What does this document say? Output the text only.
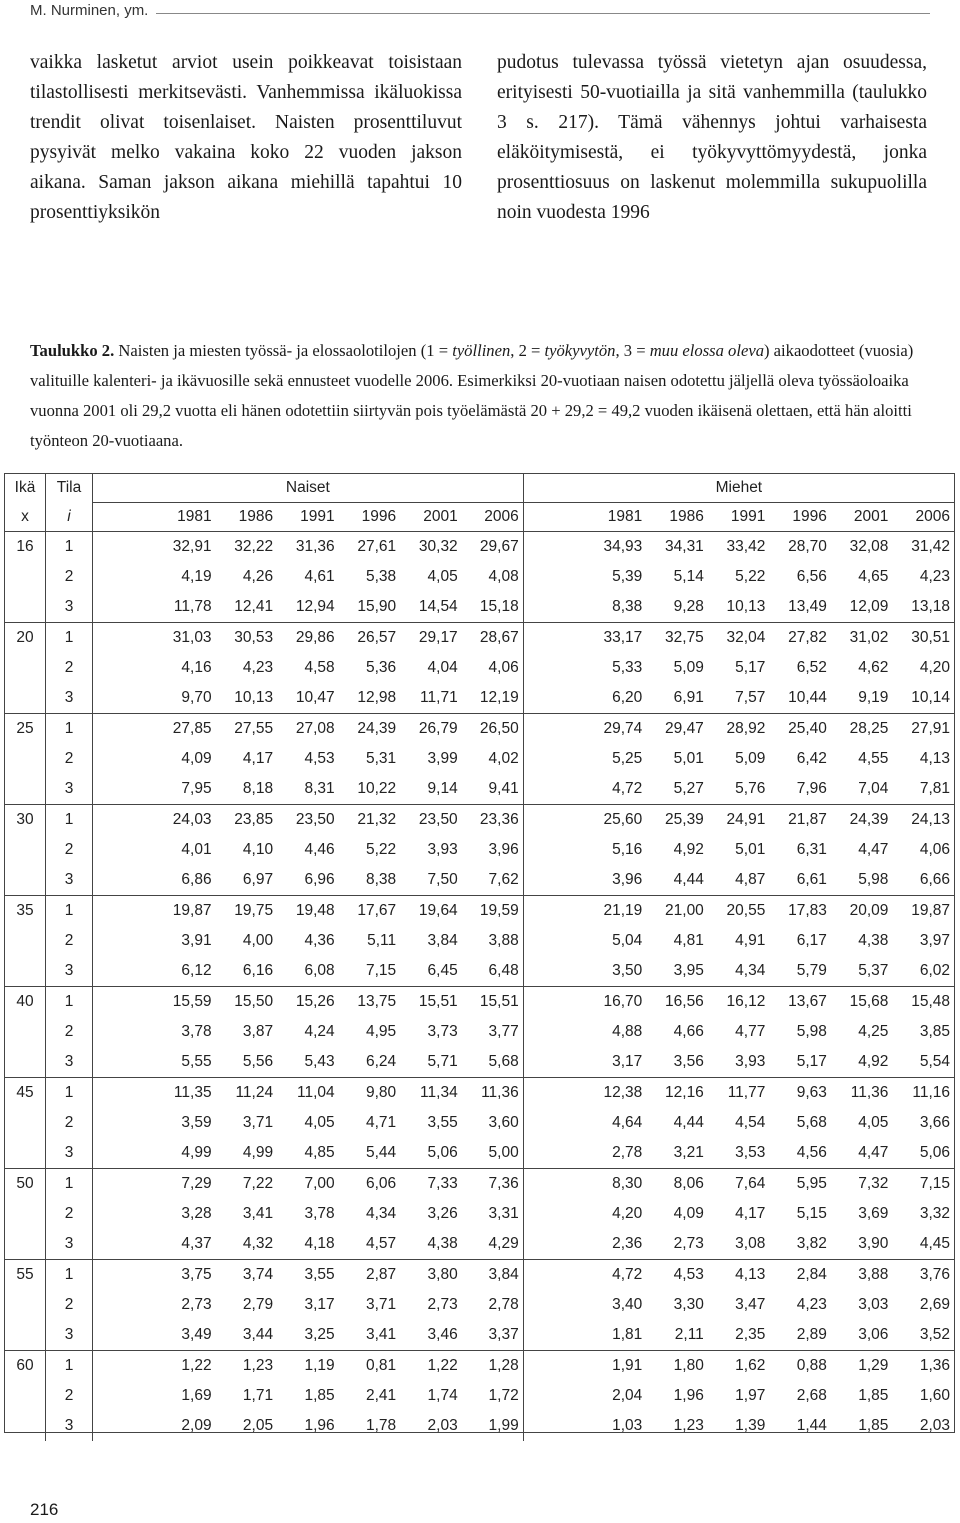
M. Nurminen, ym.

vaikka lasketut arviot usein poikkeavat toisistaan tilastollisesti merkitsevästi. Vanhemmissa ikäluokissa trendit olivat toisenlaiset. Naisten prosenttiluvut pysyivät melko vakaina koko 22 vuoden jakson aikana. Saman jakson aikana miehillä tapahtui 10 prosenttiyksikön

pudotus tulevassa työssä vietetyn ajan osuudessa, erityisesti 50-vuotiailla ja sitä vanhemmilla (taulukko 3 s. 217). Tämä vähennys johtui varhaisesta eläköitymisestä, ei työkyvyttömyydestä, jonka prosenttiosuus on laskenut molemmilla sukupuolilla noin vuodesta 1996

Taulukko 2. Naisten ja miesten työssä- ja elossaolotilojen (1 = työllinen, 2 = työkyvytön, 3 = muu elossa oleva) aikaodotteet (vuosia) valituille kalenteri- ja ikävuosille sekä ennusteet vuodelle 2006. Esimerkiksi 20-vuotiaan naisen odotettu jäljellä oleva työssäoloaika vuonna 2001 oli 29,2 vuotta eli hänen odotettiin siirtyvän pois työelämästä 20 + 29,2 = 49,2 vuoden ikäisenä olettaen, että hän aloitti työnteon 20-vuotiaana.
Ikä	Tila	Naiset							Miehet						
x	i		1981	1986	1991	1996	2001	2006		1981	1986	1991	1996	2001	2006
16	1		32,91	32,22	31,36	27,61	30,32	29,67		34,93	34,31	33,42	28,70	32,08	31,42
	2		4,19	4,26	4,61	5,38	4,05	4,08		5,39	5,14	5,22	6,56	4,65	4,23
	3		11,78	12,41	12,94	15,90	14,54	15,18		8,38	9,28	10,13	13,49	12,09	13,18
20	1		31,03	30,53	29,86	26,57	29,17	28,67		33,17	32,75	32,04	27,82	31,02	30,51
	2		4,16	4,23	4,58	5,36	4,04	4,06		5,33	5,09	5,17	6,52	4,62	4,20
	3		9,70	10,13	10,47	12,98	11,71	12,19		6,20	6,91	7,57	10,44	9,19	10,14
25	1		27,85	27,55	27,08	24,39	26,79	26,50		29,74	29,47	28,92	25,40	28,25	27,91
	2		4,09	4,17	4,53	5,31	3,99	4,02		5,25	5,01	5,09	6,42	4,55	4,13
	3		7,95	8,18	8,31	10,22	9,14	9,41		4,72	5,27	5,76	7,96	7,04	7,81
30	1		24,03	23,85	23,50	21,32	23,50	23,36		25,60	25,39	24,91	21,87	24,39	24,13
	2		4,01	4,10	4,46	5,22	3,93	3,96		5,16	4,92	5,01	6,31	4,47	4,06
	3		6,86	6,97	6,96	8,38	7,50	7,62		3,96	4,44	4,87	6,61	5,98	6,66
35	1		19,87	19,75	19,48	17,67	19,64	19,59		21,19	21,00	20,55	17,83	20,09	19,87
	2		3,91	4,00	4,36	5,11	3,84	3,88		5,04	4,81	4,91	6,17	4,38	3,97
	3		6,12	6,16	6,08	7,15	6,45	6,48		3,50	3,95	4,34	5,79	5,37	6,02
40	1		15,59	15,50	15,26	13,75	15,51	15,51		16,70	16,56	16,12	13,67	15,68	15,48
	2		3,78	3,87	4,24	4,95	3,73	3,77		4,88	4,66	4,77	5,98	4,25	3,85
	3		5,55	5,56	5,43	6,24	5,71	5,68		3,17	3,56	3,93	5,17	4,92	5,54
45	1		11,35	11,24	11,04	9,80	11,34	11,36		12,38	12,16	11,77	9,63	11,36	11,16
	2		3,59	3,71	4,05	4,71	3,55	3,60		4,64	4,44	4,54	5,68	4,05	3,66
	3		4,99	4,99	4,85	5,44	5,06	5,00		2,78	3,21	3,53	4,56	4,47	5,06
50	1		7,29	7,22	7,00	6,06	7,33	7,36		8,30	8,06	7,64	5,95	7,32	7,15
	2		3,28	3,41	3,78	4,34	3,26	3,31		4,20	4,09	4,17	5,15	3,69	3,32
	3		4,37	4,32	4,18	4,57	4,38	4,29		2,36	2,73	3,08	3,82	3,90	4,45
55	1		3,75	3,74	3,55	2,87	3,80	3,84		4,72	4,53	4,13	2,84	3,88	3,76
	2		2,73	2,79	3,17	3,71	2,73	2,78		3,40	3,30	3,47	4,23	3,03	2,69
	3		3,49	3,44	3,25	3,41	3,46	3,37		1,81	2,11	2,35	2,89	3,06	3,52
60	1		1,22	1,23	1,19	0,81	1,22	1,28		1,91	1,80	1,62	0,88	1,29	1,36
	2		1,69	1,71	1,85	2,41	1,74	1,72		2,04	1,96	1,97	2,68	1,85	1,60
	3		2,09	2,05	1,96	1,78	2,03	1,99		1,03	1,23	1,39	1,44	1,85	2,03
216
